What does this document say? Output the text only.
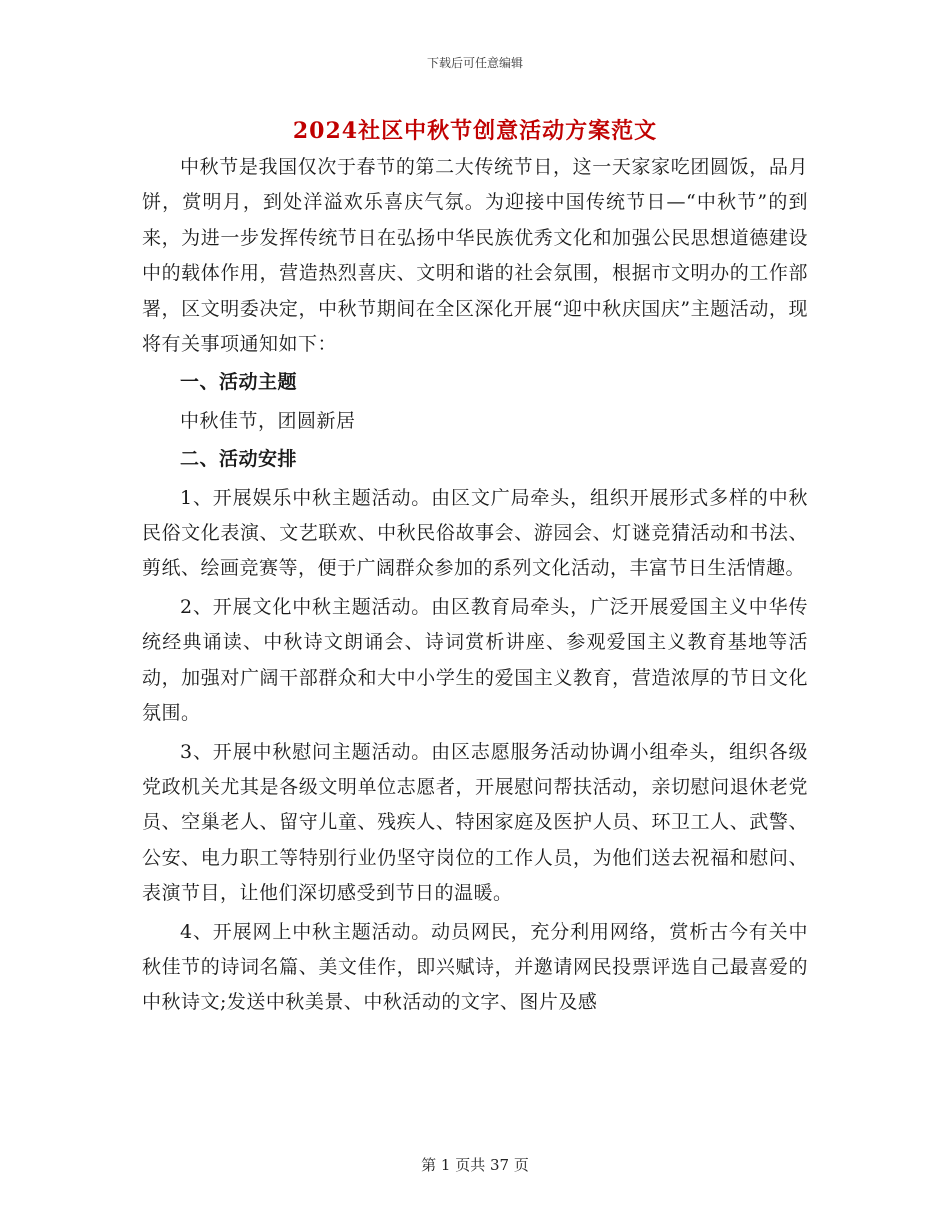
下载后可任意编辑
2024社区中秋节创意活动方案范文

中秋节是我国仅次于春节的第二大传统节日，这一天家家吃团圆饭，品月饼，赏明月，到处洋溢欢乐喜庆气氛。为迎接中国传统节日—“中秋节”的到来，为进一步发挥传统节日在弘扬中华民族优秀文化和加强公民思想道德建设中的载体作用，营造热烈喜庆、文明和谐的社会氛围，根据市文明办的工作部署，区文明委决定，中秋节期间在全区深化开展“迎中秋庆国庆”主题活动，现将有关事项通知如下：

一、活动主题

中秋佳节，团圆新居

二、活动安排

1、开展娱乐中秋主题活动。由区文广局牵头，组织开展形式多样的中秋民俗文化表演、文艺联欢、中秋民俗故事会、游园会、灯谜竞猜活动和书法、剪纸、绘画竞赛等，便于广阔群众参加的系列文化活动，丰富节日生活情趣。

2、开展文化中秋主题活动。由区教育局牵头，广泛开展爱国主义中华传统经典诵读、中秋诗文朗诵会、诗词赏析讲座、参观爱国主义教育基地等活动，加强对广阔干部群众和大中小学生的爱国主义教育，营造浓厚的节日文化氛围。

3、开展中秋慰问主题活动。由区志愿服务活动协调小组牵头，组织各级党政机关尤其是各级文明单位志愿者，开展慰问帮扶活动，亲切慰问退休老党员、空巢老人、留守儿童、残疾人、特困家庭及医护人员、环卫工人、武警、公安、电力职工等特别行业仍坚守岗位的工作人员，为他们送去祝福和慰问、表演节目，让他们深切感受到节日的温暖。

4、开展网上中秋主题活动。动员网民，充分利用网络，赏析古今有关中秋佳节的诗词名篇、美文佳作，即兴赋诗，并邀请网民投票评选自己最喜爱的中秋诗文;发送中秋美景、中秋活动的文字、图片及感

第 1 页共 37 页
